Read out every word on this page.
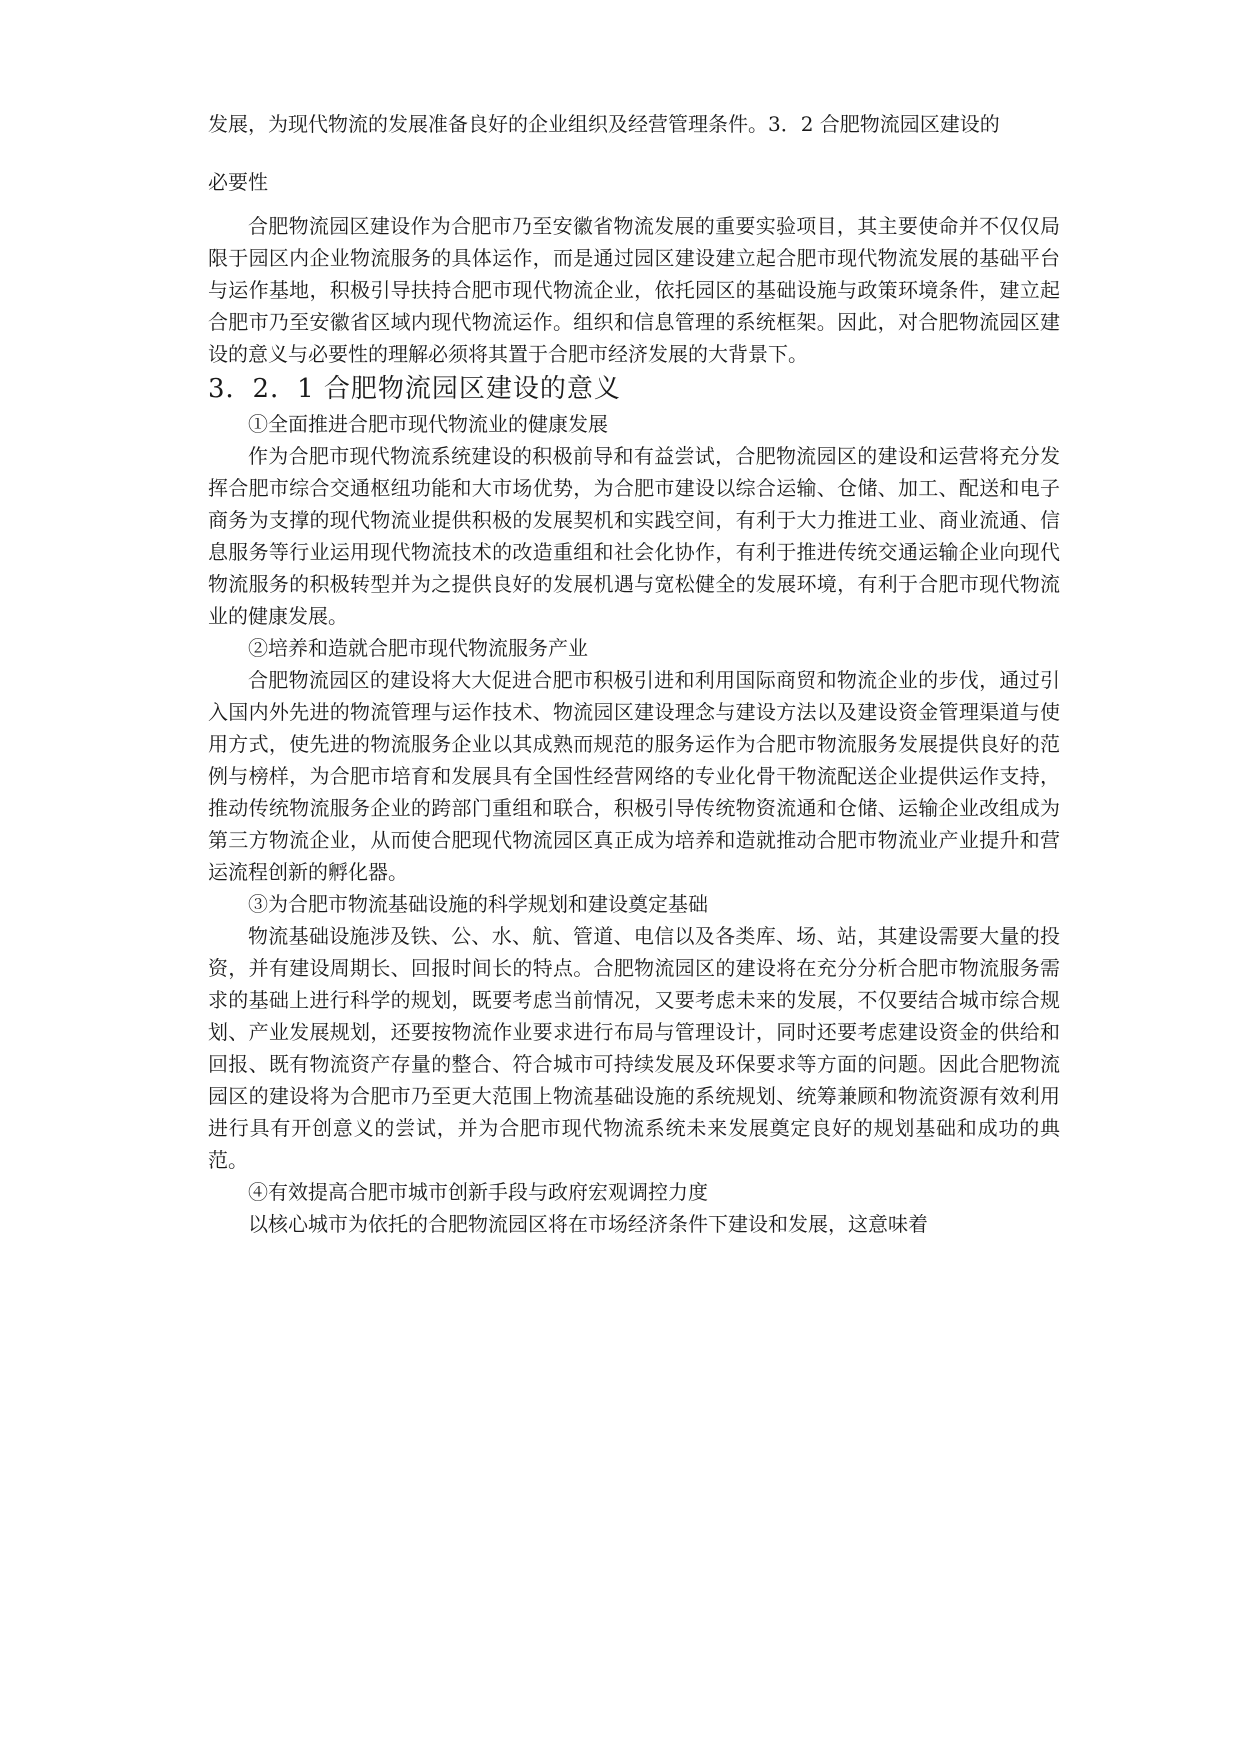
发展，为现代物流的发展准备良好的企业组织及经营管理条件。3．2 合肥物流园区建设的

必要性

合肥物流园区建设作为合肥市乃至安徽省物流发展的重要实验项目，其主要使命并不仅仅局限于园区内企业物流服务的具体运作，而是通过园区建设建立起合肥市现代物流发展的基础平台与运作基地，积极引导扶持合肥市现代物流企业，依托园区的基础设施与政策环境条件，建立起合肥市乃至安徽省区域内现代物流运作。组织和信息管理的系统框架。因此，对合肥物流园区建设的意义与必要性的理解必须将其置于合肥市经济发展的大背景下。

3．2．1 合肥物流园区建设的意义

①全面推进合肥市现代物流业的健康发展

作为合肥市现代物流系统建设的积极前导和有益尝试，合肥物流园区的建设和运营将充分发挥合肥市综合交通枢纽功能和大市场优势，为合肥市建设以综合运输、仓储、加工、配送和电子商务为支撑的现代物流业提供积极的发展契机和实践空间，有利于大力推进工业、商业流通、信息服务等行业运用现代物流技术的改造重组和社会化协作，有利于推进传统交通运输企业向现代物流服务的积极转型并为之提供良好的发展机遇与宽松健全的发展环境，有利于合肥市现代物流业的健康发展。

②培养和造就合肥市现代物流服务产业

合肥物流园区的建设将大大促进合肥市积极引进和利用国际商贸和物流企业的步伐，通过引入国内外先进的物流管理与运作技术、物流园区建设理念与建设方法以及建设资金管理渠道与使用方式，使先进的物流服务企业以其成熟而规范的服务运作为合肥市物流服务发展提供良好的范例与榜样，为合肥市培育和发展具有全国性经营网络的专业化骨干物流配送企业提供运作支持，推动传统物流服务企业的跨部门重组和联合，积极引导传统物资流通和仓储、运输企业改组成为第三方物流企业，从而使合肥现代物流园区真正成为培养和造就推动合肥市物流业产业提升和营运流程创新的孵化器。

③为合肥市物流基础设施的科学规划和建设奠定基础

物流基础设施涉及铁、公、水、航、管道、电信以及各类库、场、站，其建设需要大量的投资，并有建设周期长、回报时间长的特点。合肥物流园区的建设将在充分分析合肥市物流服务需求的基础上进行科学的规划，既要考虑当前情况，又要考虑未来的发展，不仅要结合城市综合规划、产业发展规划，还要按物流作业要求进行布局与管理设计，同时还要考虑建设资金的供给和回报、既有物流资产存量的整合、符合城市可持续发展及环保要求等方面的问题。因此合肥物流园区的建设将为合肥市乃至更大范围上物流基础设施的系统规划、统筹兼顾和物流资源有效利用进行具有开创意义的尝试，并为合肥市现代物流系统未来发展奠定良好的规划基础和成功的典范。

④有效提高合肥市城市创新手段与政府宏观调控力度

以核心城市为依托的合肥物流园区将在市场经济条件下建设和发展，这意味着
